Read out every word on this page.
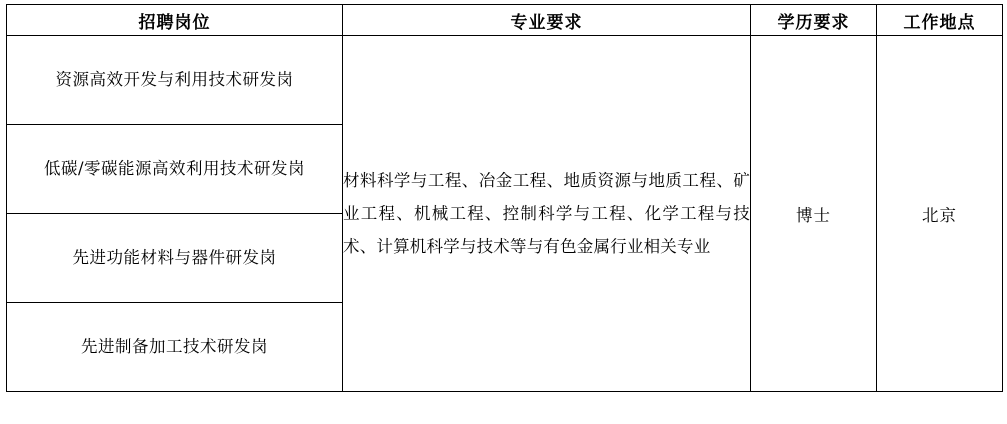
招聘岗位	专业要求	学历要求	工作地点
资源高效开发与利用技术研发岗	材料科学与工程、冶金工程、地质资源与地质工程、矿业工程、机械工程、控制科学与工程、化学工程与技术、计算机科学与技术等与有色金属行业相关专业	博士	北京
低碳/零碳能源高效利用技术研发岗			
先进功能材料与器件研发岗			
先进制备加工技术研发岗			
